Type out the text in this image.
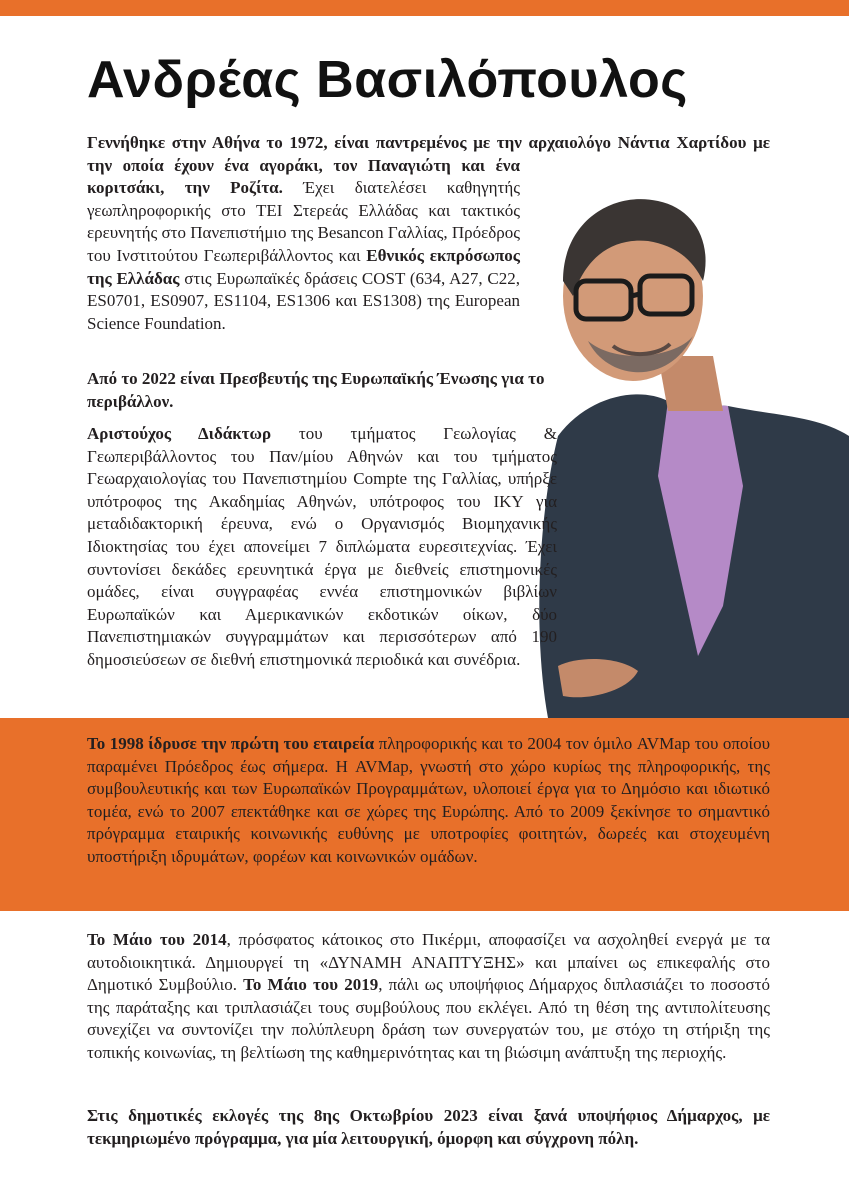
Ανδρέας Βασιλόπουλος
Γεννήθηκε στην Αθήνα το 1972, είναι παντρεμένος με την αρχαιολόγο Νάντια Χαρτίδου με την οποία έχουν ένα αγοράκι, τον Παναγιώτη και ένα κοριτσάκι, την Ροζίτα. Έχει διατελέσει καθηγητής γεωπληροφορικής στο ΤΕΙ Στερεάς Ελλάδας και τακτικός ερευνητής στο Πανεπιστήμιο της Besancon Γαλλίας, Πρόεδρος του Ινστιτούτου Γεωπεριβάλλοντος και Εθνικός εκπρόσωπος της Ελλάδας στις Ευρωπαϊκές δράσεις COST (634, A27, C22, ES0701, ES0907, ES1104, ES1306 και ES1308) της European Science Foundation.
Από το 2022 είναι Πρεσβευτής της Ευρωπαϊκής Ένωσης για το περιβάλλον.
Αριστούχος Διδάκτωρ του τμήματος Γεωλογίας & Γεωπεριβάλλοντος του Παν/μίου Αθηνών και του τμήματος Γεωαρχαιολογίας του Πανεπιστημίου Compte της Γαλλίας, υπήρξε υπότροφος της Ακαδημίας Αθηνών, υπότροφος του ΙΚΥ για μεταδιδακτορική έρευνα, ενώ ο Οργανισμός Βιομηχανικής Ιδιοκτησίας του έχει απονείμει 7 διπλώματα ευρεσιτεχνίας. Έχει συντονίσει δεκάδες ερευνητικά έργα με διεθνείς επιστημονικές ομάδες, είναι συγγραφέας εννέα επιστημονικών βιβλίων Ευρωπαϊκών και Αμερικανικών εκδοτικών οίκων, δύο Πανεπιστημιακών συγγραμμάτων και περισσότερων από 190 δημοσιεύσεων σε διεθνή επιστημονικά περιοδικά και συνέδρια.
Το 1998 ίδρυσε την πρώτη του εταιρεία πληροφορικής και το 2004 τον όμιλο AVMap του οποίου παραμένει Πρόεδρος έως σήμερα. Η AVMap, γνωστή στο χώρο κυρίως της πληροφορικής, της συμβουλευτικής και των Ευρωπαϊκών Προγραμμάτων, υλοποιεί έργα για το Δημόσιο και ιδιωτικό τομέα, ενώ το 2007 επεκτάθηκε και σε χώρες της Ευρώπης. Από το 2009 ξεκίνησε το σημαντικό πρόγραμμα εταιρικής κοινωνικής ευθύνης με υποτροφίες φοιτητών, δωρεές και στοχευμένη υποστήριξη ιδρυμάτων, φορέων και κοινωνικών ομάδων.
Το Μάιο του 2014, πρόσφατος κάτοικος στο Πικέρμι, αποφασίζει να ασχοληθεί ενεργά με τα αυτοδιοικητικά. Δημιουργεί τη «ΔΥΝΑΜΗ ΑΝΑΠΤΥΞΗΣ» και μπαίνει ως επικεφαλής στο Δημοτικό Συμβούλιο. Το Μάιο του 2019, πάλι ως υποψήφιος Δήμαρχος διπλασιάζει το ποσοστό της παράταξης και τριπλασιάζει τους συμβούλους που εκλέγει. Από τη θέση της αντιπολίτευσης συνεχίζει να συντονίζει την πολύπλευρη δράση των συνεργατών του, με στόχο τη στήριξη της τοπικής κοινωνίας, τη βελτίωση της καθημερινότητας και τη βιώσιμη ανάπτυξη της περιοχής.
Στις δημοτικές εκλογές της 8ης Οκτωβρίου 2023 είναι ξανά υποψήφιος Δήμαρχος, με τεκμηριωμένο πρόγραμμα, για μία λειτουργική, όμορφη και σύγχρονη πόλη.
